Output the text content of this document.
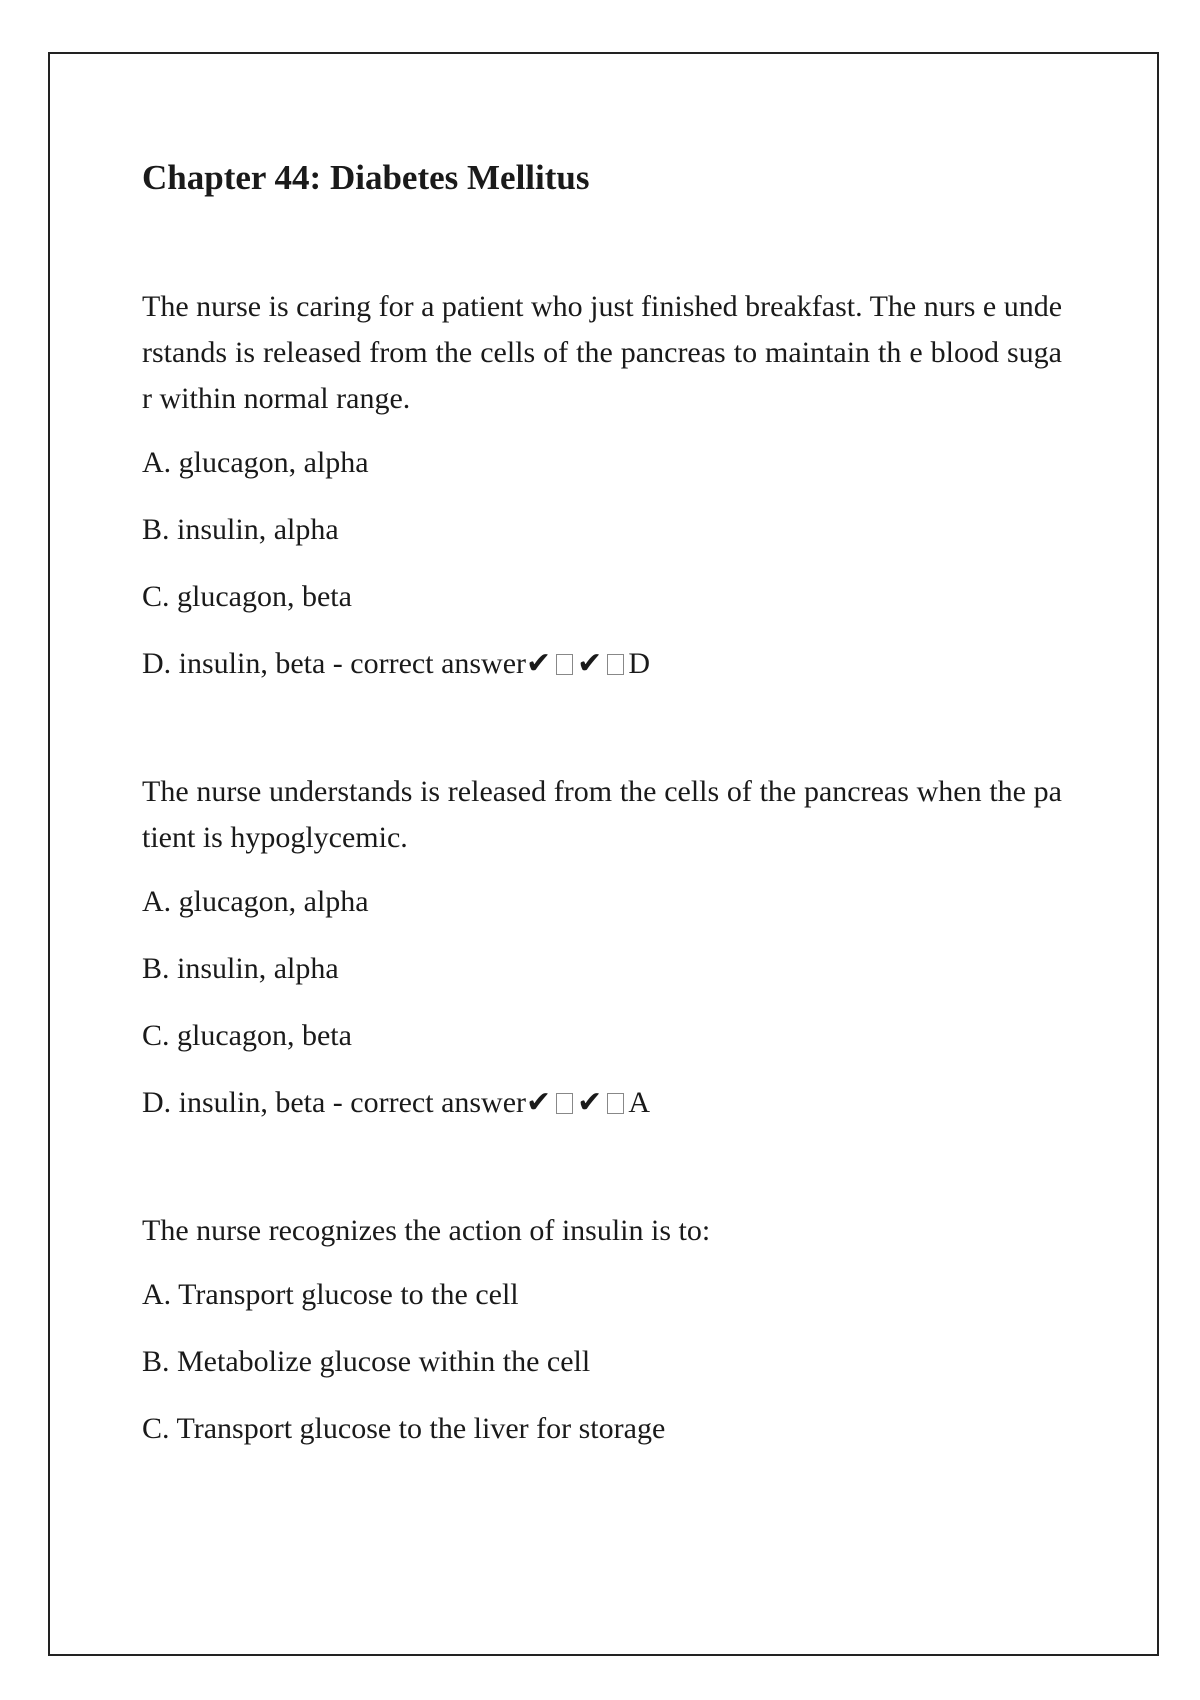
Chapter 44: Diabetes Mellitus

The nurse is caring for a patient who just finished breakfast. The nurs e understands is released from the cells of the pancreas to maintain th e blood sugar within normal range.

A. glucagon, alpha
B. insulin, alpha
C. glucagon, beta
D. insulin, beta - correct answer✔ ✔ D

The nurse understands is released from the cells of the pancreas when the patient is hypoglycemic.

A. glucagon, alpha
B. insulin, alpha
C. glucagon, beta
D. insulin, beta - correct answer✔ ✔ A

The nurse recognizes the action of insulin is to:

A. Transport glucose to the cell
B. Metabolize glucose within the cell
C. Transport glucose to the liver for storage
